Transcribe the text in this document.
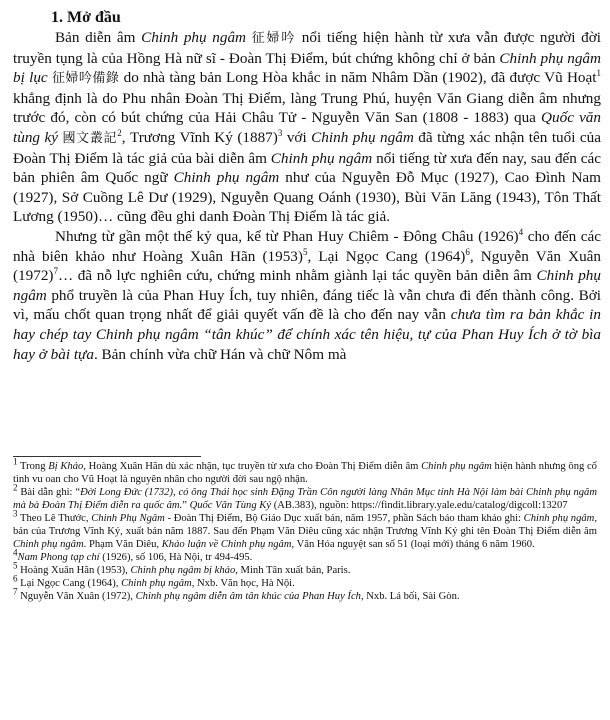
1. Mở đầu

Bản diễn âm Chinh phụ ngâm 征婦吟 nổi tiếng hiện hành từ xưa vẫn được người đời truyền tụng là của Hồng Hà nữ sĩ - Đoàn Thị Điểm, bút chứng không chỉ ở bản Chinh phụ ngâm bị lục 征婦吟備錄 do nhà tàng bản Long Hòa khắc in năm Nhâm Dần (1902), đã được Vũ Hoạt$^1$ khẳng định là do Phu nhân Đoàn Thị Điểm, làng Trung Phú, huyện Văn Giang diễn âm nhưng trước đó, còn có bút chứng của Hải Châu Tử - Nguyễn Văn San (1808 - 1883) qua Quốc văn tùng ký 國文叢記$^2$, Trương Vĩnh Ký $(1887)^3$ với Chinh phụ ngâm đã từng xác nhận tên tuổi của Đoàn Thị Điểm là tác giả của bài diễn âm Chinh phụ ngâm nổi tiếng từ xưa đến nay, sau đến các bản phiên âm Quốc ngữ Chinh phụ ngâm như của Nguyễn Đỗ Mục (1927), Cao Đình Nam (1927), Sở Cuồng Lê Dư (1929), Nguyễn Quang Oánh (1930), Bùi Văn Lăng (1943), Tôn Thất Lương (1950)… cũng đều ghi danh Đoàn Thị Điểm là tác giả.

Nhưng từ gần một thế kỷ qua, kể từ Phan Huy Chiêm - Đông Châu $(1926)^4$ cho đến các nhà biên khảo như Hoàng Xuân Hãn $(1953)^5$, Lại Ngọc Cang $(1964)^6$, Nguyễn Văn Xuân $(1972)^7\dots$ đã nỗ lực nghiên cứu, chứng minh nhằm giành lại tác quyền bản diễn âm Chinh phụ ngâm phổ truyền là của Phan Huy Ích, tuy nhiên, đáng tiếc là vẫn chưa đi đến thành công. Bởi vì, mấu chốt quan trọng nhất để giải quyết vấn đề là cho đến nay vẫn chưa tìm ra bản khắc in hay chép tay Chinh phụ ngâm “tân khúc” để chính xác tên hiệu, tự của Phan Huy Ích ở tờ bìa hay ở bài tựa. Bản chính vừa chữ Hán và chữ Nôm mà

$^1$ Trong Bị Khảo, Hoàng Xuân Hãn dù xác nhận, tục truyền từ xưa cho Đoàn Thị Điểm diễn âm Chinh phụ ngâm hiện hành nhưng ông cố tình vu oan cho Vũ Hoạt là nguyên nhân cho người đời sau ngộ nhận.

$^2$ Bài dẫn ghi: “Đời Long Đức (1732), có ông Thái học sinh Đặng Trần Côn người làng Nhân Mục tỉnh Hà Nội làm bài Chinh phụ ngâm mà bà Đoàn Thị Điểm diễn ra quốc âm.” Quốc Văn Tùng Ký (AB.383), nguồn: https://findit.library.yale.edu/catalog/digcoll:13207

$^3$ Theo Lê Thước, Chinh Phụ Ngâm - Đoàn Thị Điểm, Bộ Giáo Dục xuất bản, năm 1957, phần Sách báo tham khảo ghi: Chinh phụ ngâm, bản của Trương Vĩnh Ký, xuất bản năm 1887. Sau đến Phạm Văn Diêu cũng xác nhận Trương Vĩnh Ký ghi tên Đoàn Thị Điểm diễn âm Chinh phụ ngâm. Phạm Văn Diêu, Khảo luận về Chinh phụ ngâm, Văn Hóa nguyệt san số 51 (loại mới) tháng 6 năm 1960.

$^4$Nam Phong tạp chí (1926), số 106, Hà Nội, tr 494-495.

$^5$ Hoàng Xuân Hãn (1953), Chinh phụ ngâm bị khảo, Minh Tân xuất bản, Paris.

$^6$ Lại Ngọc Cang (1964), Chinh phụ ngâm, Nxb. Văn học, Hà Nội.

$^7$ Nguyễn Văn Xuân (1972), Chinh phụ ngâm diễn âm tân khúc của Phan Huy Ích, Nxb. Lá bối, Sài Gòn.
